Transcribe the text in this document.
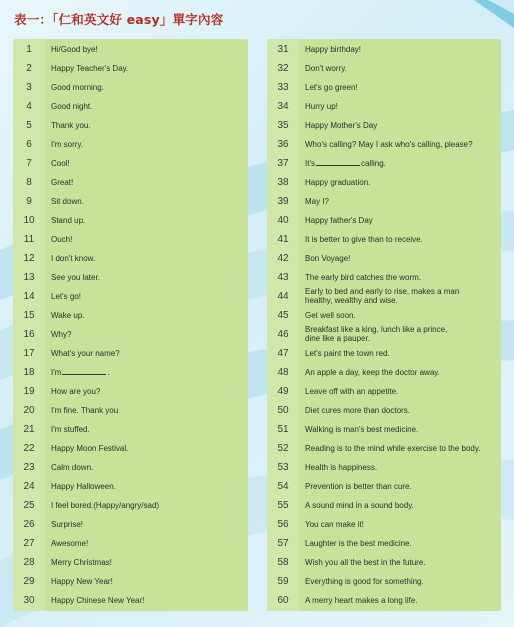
表一：「仁和英文好 easy」單字內容
1	Hi/Good bye!
2	Happy Teacher's Day.
3	Good morning.
4	Good night.
5	Thank you.
6	I'm sorry.
7	Cool!
8	Great!
9	Sit down.
10	Stand up.
11	Ouch!
12	I don't know.
13	See you later.
14	Let's go!
15	Wake up.
16	Why?
17	What's your name?
18	I'm	.
19	How are you?
20	I'm fine. Thank you
21	I'm stuffed.
22	Happy Moon Festival.
23	Calm down.
24	Happy Halloween.
25	I feel bored.(Happy/angry/sad)
26	Surprise!
27	Awesome!
28	Merry Christmas!
29	Happy New Year!
30	Happy Chinese New Year!
31	Happy birthday!
32	Don't worry.
33	Let's go green!
34	Hurry up!
35	Happy Mother's Day
36	Who's calling? May I ask who's calling, please?
37	It's	calling.
38	Happy graduation.
39	May I?
40	Happy father's Day
41	It is better to give than to receive.
42	Bon Voyage!
43	The early bird catches the worm.
44	Early to bed and early to rise, makes a man
healthy, wealthy and wise.
45	Get well soon.
46	Breakfast like a king, lunch like a prince,
dine like a pauper.
47	Let's paint the town red.
48	An apple a day, keep the doctor away.
49	Leave off with an appetite.
50	Diet cures more than doctors.
51	Walking is man's best medicine.
52	Reading is to the mind while exercise to the body.
53	Health is happiness.
54	Prevention is better than cure.
55	A sound mind in a sound body.
56	You can make it!
57	Laughter is the best medicine.
58	Wish you all the best in the future.
59	Everything is good for something.
60	A merry heart makes a long life.
